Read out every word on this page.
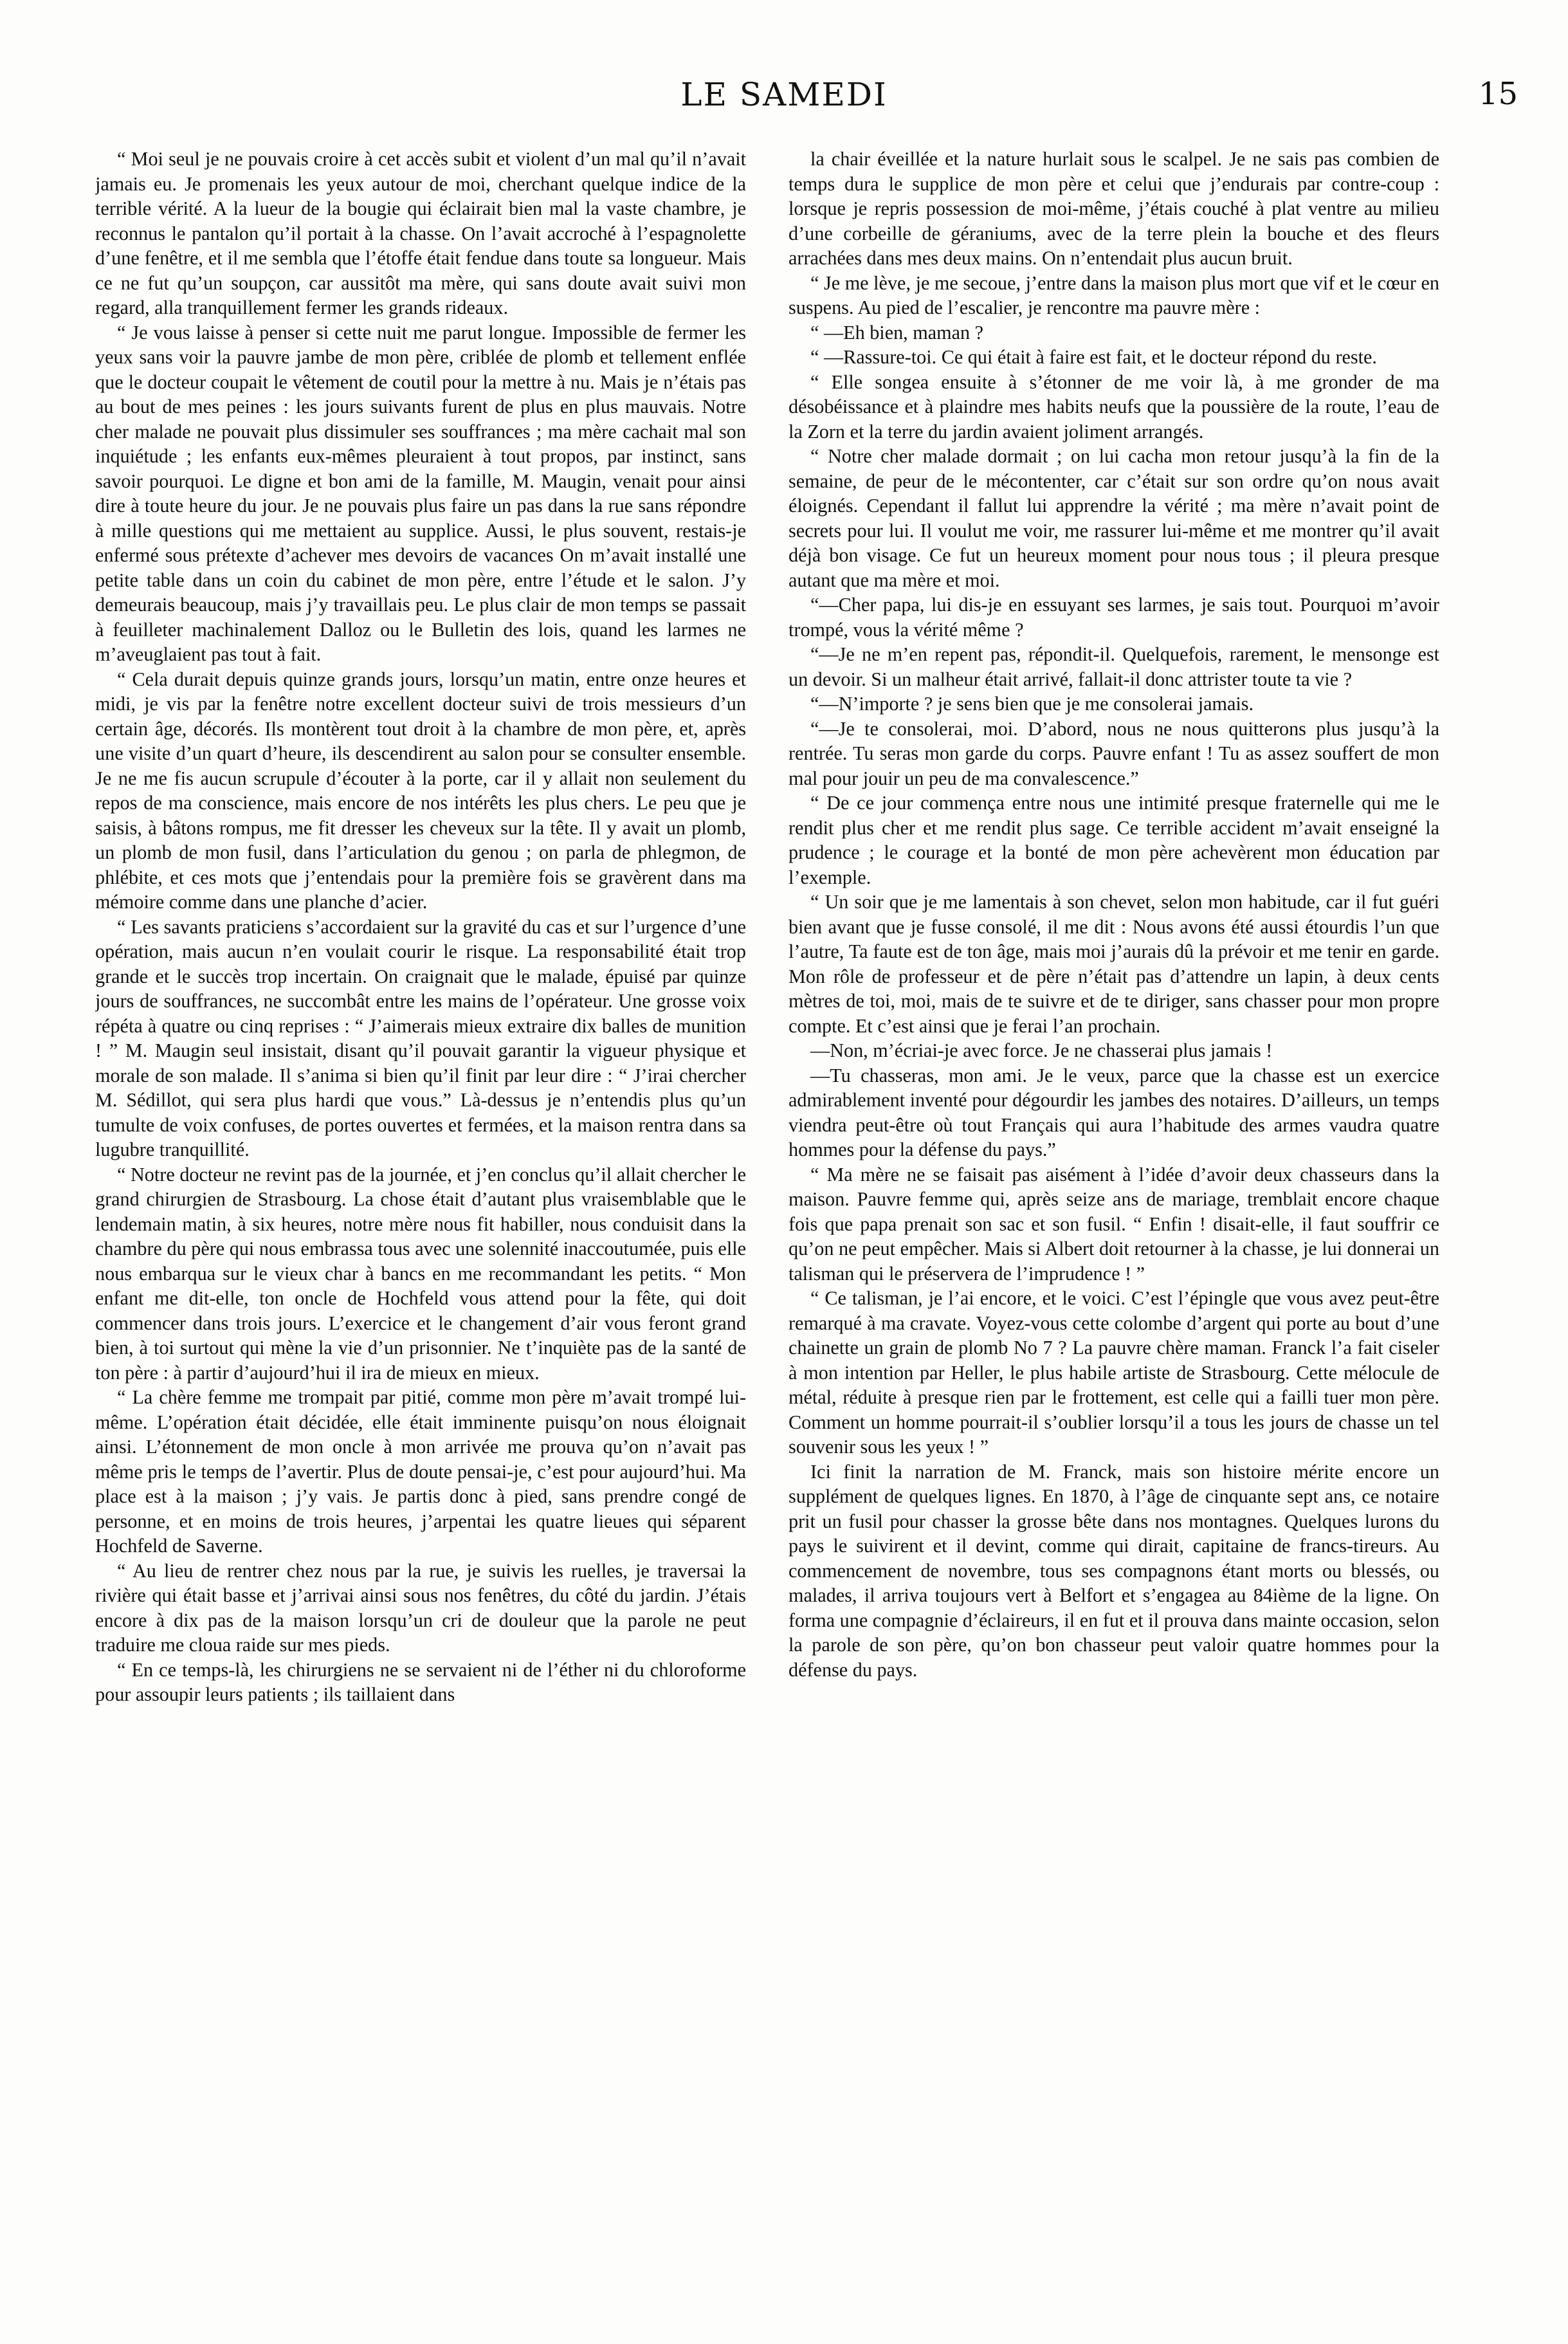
LE SAMEDI	15

“ Moi seul je ne pouvais croire à cet accès subit et violent d’un mal qu’il n’avait jamais eu. Je promenais les yeux autour de moi, cherchant quelque indice de la terrible vérité. A la lueur de la bougie qui éclairait bien mal la vaste chambre, je reconnus le pantalon qu’il portait à la chasse. On l’avait accroché à l’espagnolette d’une fenêtre, et il me sembla que l’étoffe était fendue dans toute sa longueur. Mais ce ne fut qu’un soupçon, car aussitôt ma mère, qui sans doute avait suivi mon regard, alla tranquillement fermer les grands rideaux.

“ Je vous laisse à penser si cette nuit me parut longue. Impossible de fermer les yeux sans voir la pauvre jambe de mon père, criblée de plomb et tellement enflée que le docteur coupait le vêtement de coutil pour la mettre à nu. Mais je n’étais pas au bout de mes peines : les jours suivants furent de plus en plus mauvais. Notre cher malade ne pouvait plus dissimuler ses souffrances ; ma mère cachait mal son inquiétude ; les enfants eux-mêmes pleuraient à tout propos, par instinct, sans savoir pourquoi. Le digne et bon ami de la famille, M. Maugin, venait pour ainsi dire à toute heure du jour. Je ne pouvais plus faire un pas dans la rue sans répondre à mille questions qui me mettaient au supplice. Aussi, le plus souvent, restais-je enfermé sous prétexte d’achever mes devoirs de vacances On m’avait installé une petite table dans un coin du cabinet de mon père, entre l’étude et le salon. J’y demeurais beaucoup, mais j’y travaillais peu. Le plus clair de mon temps se passait à feuilleter machinalement Dalloz ou le Bulletin des lois, quand les larmes ne m’aveuglaient pas tout à fait.

“ Cela durait depuis quinze grands jours, lorsqu’un matin, entre onze heures et midi, je vis par la fenêtre notre excellent docteur suivi de trois messieurs d’un certain âge, décorés. Ils montèrent tout droit à la chambre de mon père, et, après une visite d’un quart d’heure, ils descendirent au salon pour se consulter ensemble. Je ne me fis aucun scrupule d’écouter à la porte, car il y allait non seulement du repos de ma conscience, mais encore de nos intérêts les plus chers. Le peu que je saisis, à bâtons rompus, me fit dresser les cheveux sur la tête. Il y avait un plomb, un plomb de mon fusil, dans l’articulation du genou ; on parla de phlegmon, de phlébite, et ces mots que j’entendais pour la première fois se gravèrent dans ma mémoire comme dans une planche d’acier.

“ Les savants praticiens s’accordaient sur la gravité du cas et sur l’urgence d’une opération, mais aucun n’en voulait courir le risque. La responsabilité était trop grande et le succès trop incertain. On craignait que le malade, épuisé par quinze jours de souffrances, ne succombât entre les mains de l’opérateur. Une grosse voix répéta à quatre ou cinq reprises : “ J’aimerais mieux extraire dix balles de munition ! ” M. Maugin seul insistait, disant qu’il pouvait garantir la vigueur physique et morale de son malade. Il s’anima si bien qu’il finit par leur dire : “ J’irai chercher M. Sédillot, qui sera plus hardi que vous.” Là-dessus je n’entendis plus qu’un tumulte de voix confuses, de portes ouvertes et fermées, et la maison rentra dans sa lugubre tranquillité.

“ Notre docteur ne revint pas de la journée, et j’en conclus qu’il allait chercher le grand chirurgien de Strasbourg. La chose était d’autant plus vraisemblable que le lendemain matin, à six heures, notre mère nous fit habiller, nous conduisit dans la chambre du père qui nous embrassa tous avec une solennité inaccoutumée, puis elle nous embarqua sur le vieux char à bancs en me recommandant les petits. “ Mon enfant me dit-elle, ton oncle de Hochfeld vous attend pour la fête, qui doit commencer dans trois jours. L’exercice et le changement d’air vous feront grand bien, à toi surtout qui mène la vie d’un prisonnier. Ne t’inquiète pas de la santé de ton père : à partir d’aujourd’hui il ira de mieux en mieux.

“ La chère femme me trompait par pitié, comme mon père m’avait trompé lui-même. L’opération était décidée, elle était imminente puisqu’on nous éloignait ainsi. L’étonnement de mon oncle à mon arrivée me prouva qu’on n’avait pas même pris le temps de l’avertir. Plus de doute pensai-je, c’est pour aujourd’hui. Ma place est à la maison ; j’y vais. Je partis donc à pied, sans prendre congé de personne, et en moins de trois heures, j’arpentai les quatre lieues qui séparent Hochfeld de Saverne.

“ Au lieu de rentrer chez nous par la rue, je suivis les ruelles, je traversai la rivière qui était basse et j’arrivai ainsi sous nos fenêtres, du côté du jardin. J’étais encore à dix pas de la maison lorsqu’un cri de douleur que la parole ne peut traduire me cloua raide sur mes pieds.

“ En ce temps-là, les chirurgiens ne se servaient ni de l’éther ni du chloroforme pour assoupir leurs patients ; ils taillaient dans

la chair éveillée et la nature hurlait sous le scalpel. Je ne sais pas combien de temps dura le supplice de mon père et celui que j’endurais par contre-coup : lorsque je repris possession de moi-même, j’étais couché à plat ventre au milieu d’une corbeille de géraniums, avec de la terre plein la bouche et des fleurs arrachées dans mes deux mains. On n’entendait plus aucun bruit.

“ Je me lève, je me secoue, j’entre dans la maison plus mort que vif et le cœur en suspens. Au pied de l’escalier, je rencontre ma pauvre mère :

“ —Eh bien, maman ?

“ —Rassure-toi. Ce qui était à faire est fait, et le docteur répond du reste.

“ Elle songea ensuite à s’étonner de me voir là, à me gronder de ma désobéissance et à plaindre mes habits neufs que la poussière de la route, l’eau de la Zorn et la terre du jardin avaient joliment arrangés.

“ Notre cher malade dormait ; on lui cacha mon retour jusqu’à la fin de la semaine, de peur de le mécontenter, car c’était sur son ordre qu’on nous avait éloignés. Cependant il fallut lui apprendre la vérité ; ma mère n’avait point de secrets pour lui. Il voulut me voir, me rassurer lui-même et me montrer qu’il avait déjà bon visage. Ce fut un heureux moment pour nous tous ; il pleura presque autant que ma mère et moi.

“—Cher papa, lui dis-je en essuyant ses larmes, je sais tout. Pourquoi m’avoir trompé, vous la vérité même ?

“—Je ne m’en repent pas, répondit-il. Quelquefois, rarement, le mensonge est un devoir. Si un malheur était arrivé, fallait-il donc attrister toute ta vie ?

“—N’importe ? je sens bien que je me consolerai jamais.

“—Je te consolerai, moi. D’abord, nous ne nous quitterons plus jusqu’à la rentrée. Tu seras mon garde du corps. Pauvre enfant ! Tu as assez souffert de mon mal pour jouir un peu de ma convalescence.”

“ De ce jour commença entre nous une intimité presque fraternelle qui me le rendit plus cher et me rendit plus sage. Ce terrible accident m’avait enseigné la prudence ; le courage et la bonté de mon père achevèrent mon éducation par l’exemple.

“ Un soir que je me lamentais à son chevet, selon mon habitude, car il fut guéri bien avant que je fusse consolé, il me dit : Nous avons été aussi étourdis l’un que l’autre, Ta faute est de ton âge, mais moi j’aurais dû la prévoir et me tenir en garde. Mon rôle de professeur et de père n’était pas d’attendre un lapin, à deux cents mètres de toi, moi, mais de te suivre et de te diriger, sans chasser pour mon propre compte. Et c’est ainsi que je ferai l’an prochain.

—Non, m’écriai-je avec force. Je ne chasserai plus jamais !

—Tu chasseras, mon ami. Je le veux, parce que la chasse est un exercice admirablement inventé pour dégourdir les jambes des notaires. D’ailleurs, un temps viendra peut-être où tout Français qui aura l’habitude des armes vaudra quatre hommes pour la défense du pays.”

“ Ma mère ne se faisait pas aisément à l’idée d’avoir deux chasseurs dans la maison. Pauvre femme qui, après seize ans de mariage, tremblait encore chaque fois que papa prenait son sac et son fusil. “ Enfin ! disait-elle, il faut souffrir ce qu’on ne peut empêcher. Mais si Albert doit retourner à la chasse, je lui donnerai un talisman qui le préservera de l’imprudence ! ”

“ Ce talisman, je l’ai encore, et le voici. C’est l’épingle que vous avez peut-être remarqué à ma cravate. Voyez-vous cette colombe d’argent qui porte au bout d’une chainette un grain de plomb No 7 ? La pauvre chère maman. Franck l’a fait ciseler à mon intention par Heller, le plus habile artiste de Strasbourg. Cette mélocule de métal, réduite à presque rien par le frottement, est celle qui a failli tuer mon père. Comment un homme pourrait-il s’oublier lorsqu’il a tous les jours de chasse un tel souvenir sous les yeux ! ”

Ici finit la narration de M. Franck, mais son histoire mérite encore un supplément de quelques lignes. En 1870, à l’âge de cinquante sept ans, ce notaire prit un fusil pour chasser la grosse bête dans nos montagnes. Quelques lurons du pays le suivirent et il devint, comme qui dirait, capitaine de francs-tireurs. Au commencement de novembre, tous ses compagnons étant morts ou blessés, ou malades, il arriva toujours vert à Belfort et s’engagea au 84ième de la ligne. On forma une compagnie d’éclaireurs, il en fut et il prouva dans mainte occasion, selon la parole de son père, qu’on bon chasseur peut valoir quatre hommes pour la défense du pays.
